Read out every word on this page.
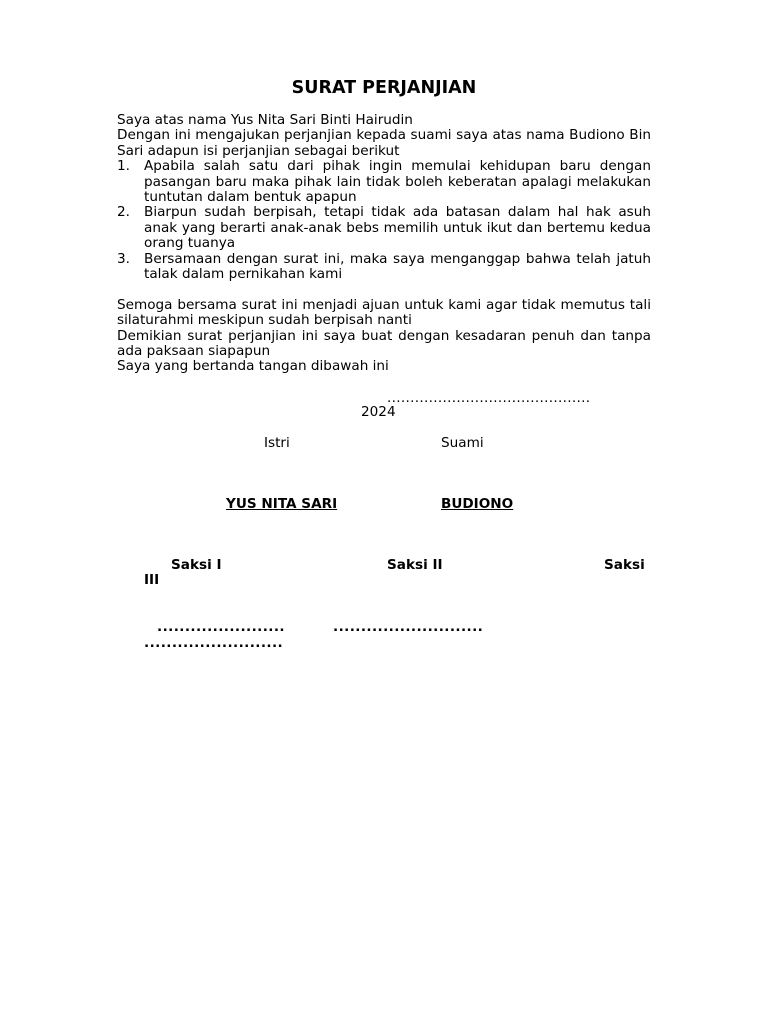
SURAT PERJANJIAN

Saya atas nama Yus Nita Sari Binti Hairudin

Dengan ini mengajukan perjanjian kepada suami saya atas nama Budiono Bin Sari adapun isi perjanjian sebagai berikut

1. Apabila salah satu dari pihak ingin memulai kehidupan baru dengan pasangan baru maka pihak lain tidak boleh keberatan apalagi melakukan tuntutan dalam bentuk apapun
2. Biarpun sudah berpisah, tetapi tidak ada batasan dalam hal hak asuh anak yang berarti anak-anak bebs memilih untuk ikut dan bertemu kedua orang tuanya
3. Bersamaan dengan surat ini, maka saya menganggap bahwa telah jatuh talak dalam pernikahan kami

Semoga bersama surat ini menjadi ajuan untuk kami agar tidak memutus tali silaturahmi meskipun sudah berpisah nanti

Demikian surat perjanjian ini saya buat dengan kesadaran penuh dan tanpa ada paksaan siapapun

Saya yang bertanda tangan dibawah ini

............................................
2024
Istri	Suami
YUS NITA SARI	BUDIONO
Saksi I	Saksi II	Saksi
III
.......................	...........................
.........................
